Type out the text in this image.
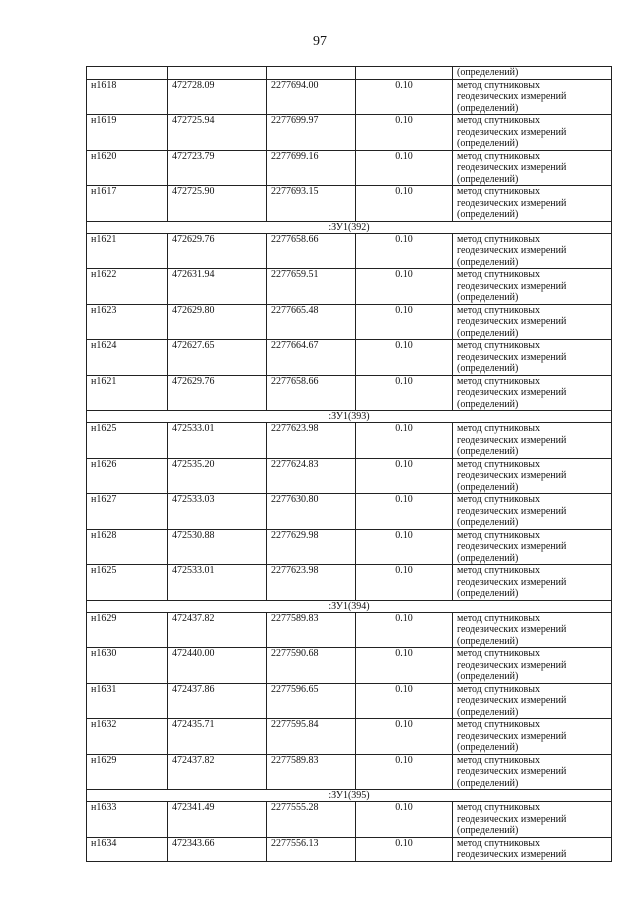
97
				(определений)
н1618	472728.09	2277694.00	0.10	метод спутниковых
геодезических измерений
(определений)

н1619	472725.94	2277699.97	0.10	метод спутниковых
геодезических измерений
(определений)

н1620	472723.79	2277699.16	0.10	метод спутниковых
геодезических измерений
(определений)

н1617	472725.90	2277693.15	0.10	метод спутниковых
геодезических измерений
(определений)

:ЗУ1(392)				
н1621	472629.76	2277658.66	0.10	метод спутниковых
геодезических измерений
(определений)

н1622	472631.94	2277659.51	0.10	метод спутниковых
геодезических измерений
(определений)

н1623	472629.80	2277665.48	0.10	метод спутниковых
геодезических измерений
(определений)

н1624	472627.65	2277664.67	0.10	метод спутниковых
геодезических измерений
(определений)

н1621	472629.76	2277658.66	0.10	метод спутниковых
геодезических измерений
(определений)

:ЗУ1(393)				
н1625	472533.01	2277623.98	0.10	метод спутниковых
геодезических измерений
(определений)

н1626	472535.20	2277624.83	0.10	метод спутниковых
геодезических измерений
(определений)

н1627	472533.03	2277630.80	0.10	метод спутниковых
геодезических измерений
(определений)

н1628	472530.88	2277629.98	0.10	метод спутниковых
геодезических измерений
(определений)

н1625	472533.01	2277623.98	0.10	метод спутниковых
геодезических измерений
(определений)

:ЗУ1(394)				
н1629	472437.82	2277589.83	0.10	метод спутниковых
геодезических измерений
(определений)

н1630	472440.00	2277590.68	0.10	метод спутниковых
геодезических измерений
(определений)

н1631	472437.86	2277596.65	0.10	метод спутниковых
геодезических измерений
(определений)

н1632	472435.71	2277595.84	0.10	метод спутниковых
геодезических измерений
(определений)

н1629	472437.82	2277589.83	0.10	метод спутниковых
геодезических измерений
(определений)

:ЗУ1(395)				
н1633	472341.49	2277555.28	0.10	метод спутниковых
геодезических измерений
(определений)

н1634	472343.66	2277556.13	0.10	метод спутниковых
геодезических измерений
